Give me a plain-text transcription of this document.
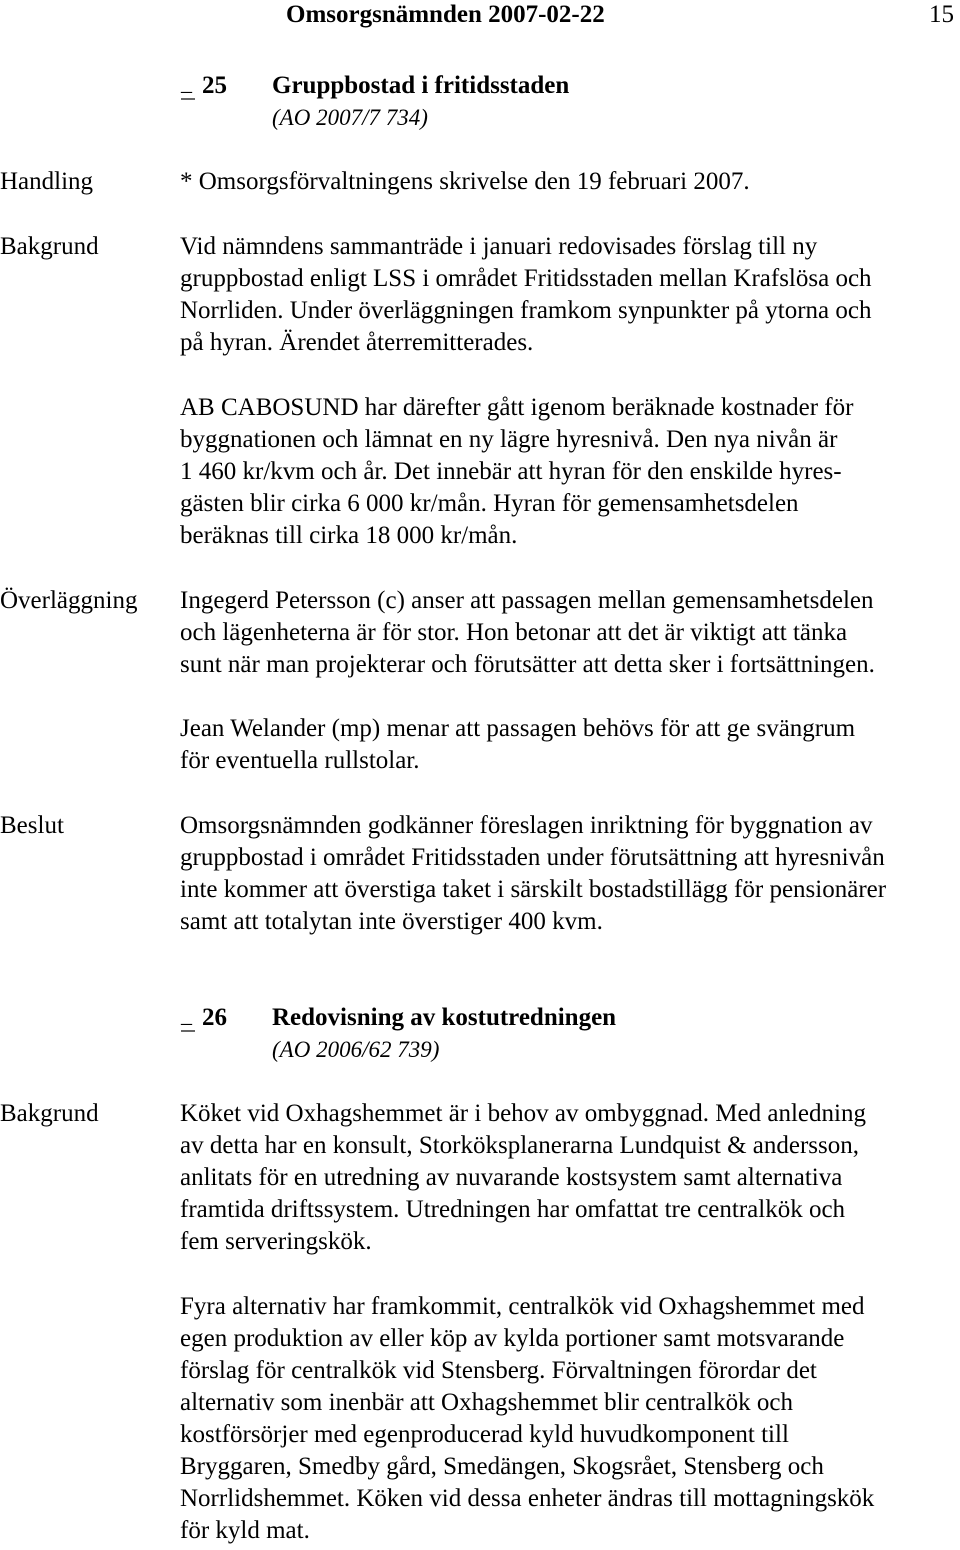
Omsorgsnämnden 2007-02-22	15
_ 25 Gruppbostad i fritidsstaden
(AO 2007/7 734)
Handling	* Omsorgsförvaltningens skrivelse den 19 februari 2007.
Bakgrund	Vid nämndens sammanträde i januari redovisades förslag till ny
gruppbostad enligt LSS i området Fritidsstaden mellan Krafslösa och
Norrliden. Under överläggningen framkom synpunkter på ytorna och
på hyran. Ärendet återremitterades.
AB CABOSUND har därefter gått igenom beräknade kostnader för
byggnationen och lämnat en ny lägre hyresnivå. Den nya nivån är
1 460 kr/kvm och år. Det innebär att hyran för den enskilde hyres-
gästen blir cirka 6 000 kr/mån. Hyran för gemensamhetsdelen
beräknas till cirka 18 000 kr/mån.
Överläggning Ingegerd Petersson (c) anser att passagen mellan gemensamhetsdelen
och lägenheterna är för stor. Hon betonar att det är viktigt att tänka
sunt när man projekterar och förutsätter att detta sker i fortsättningen.
Jean Welander (mp) menar att passagen behövs för att ge svängrum
för eventuella rullstolar.
Beslut	Omsorgsnämnden godkänner föreslagen inriktning för byggnation av
gruppbostad i området Fritidsstaden under förutsättning att hyresnivån
inte kommer att överstiga taket i särskilt bostadstillägg för pensionärer
samt att totalytan inte överstiger 400 kvm.
_ 26 Redovisning av kostutredningen
(AO 2006/62 739)
Bakgrund	Köket vid Oxhagshemmet är i behov av ombyggnad. Med anledning
av detta har en konsult, Storköksplanerarna Lundquist & andersson,
anlitats för en utredning av nuvarande kostsystem samt alternativa
framtida driftssystem. Utredningen har omfattat tre centralkök och
fem serveringskök.
Fyra alternativ har framkommit, centralkök vid Oxhagshemmet med
egen produktion av eller köp av kylda portioner samt motsvarande
förslag för centralkök vid Stensberg. Förvaltningen förordar det
alternativ som inenbär att Oxhagshemmet blir centralkök och
kostförsörjer med egenproducerad kyld huvudkomponent till
Bryggaren, Smedby gård, Smedängen, Skogsrået, Stensberg och
Norrlidshemmet. Köken vid dessa enheter ändras till mottagningskök
för kyld mat.
